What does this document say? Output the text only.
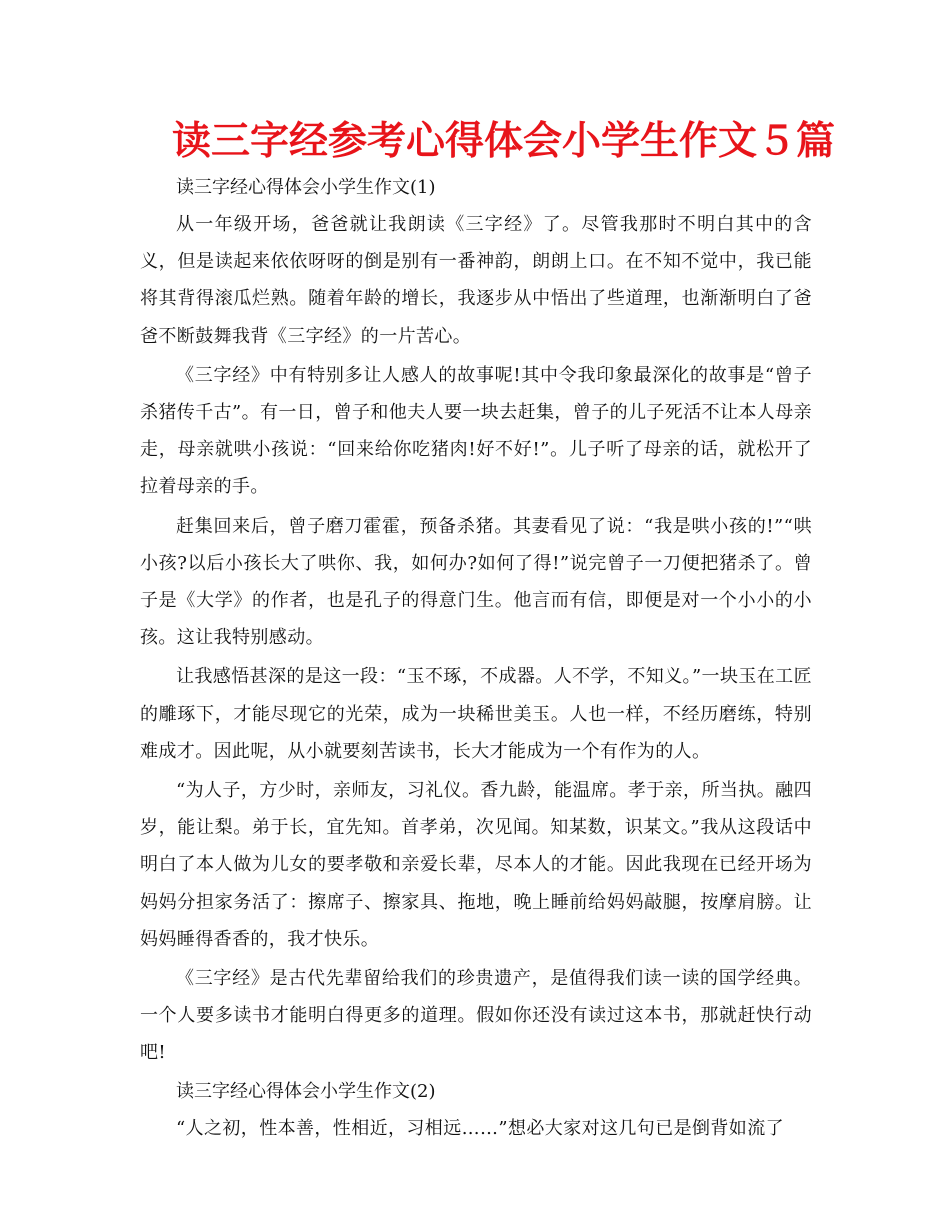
读三字经参考心得体会小学生作文５篇

读三字经心得体会小学生作文(1)

从一年级开场，爸爸就让我朗读《三字经》了。尽管我那时不明白其中的含义，但是读起来依依呀呀的倒是别有一番神韵，朗朗上口。在不知不觉中，我已能将其背得滚瓜烂熟。随着年龄的增长，我逐步从中悟出了些道理，也渐渐明白了爸爸不断鼓舞我背《三字经》的一片苦心。

《三字经》中有特别多让人感人的故事呢!其中令我印象最深化的故事是“曾子杀猪传千古”。有一日，曾子和他夫人要一块去赶集，曾子的儿子死活不让本人母亲走，母亲就哄小孩说：“回来给你吃猪肉!好不好!”。儿子听了母亲的话，就松开了拉着母亲的手。

赶集回来后，曾子磨刀霍霍，预备杀猪。其妻看见了说：“我是哄小孩的!”“哄小孩?以后小孩长大了哄你、我，如何办?如何了得!”说完曾子一刀便把猪杀了。曾子是《大学》的作者，也是孔子的得意门生。他言而有信，即便是对一个小小的小孩。这让我特别感动。

让我感悟甚深的是这一段：“玉不琢，不成器。人不学，不知义。”一块玉在工匠的雕琢下，才能尽现它的光荣，成为一块稀世美玉。人也一样，不经历磨练，特别难成才。因此呢，从小就要刻苦读书，长大才能成为一个有作为的人。

“为人子，方少时，亲师友，习礼仪。香九龄，能温席。孝于亲，所当执。融四岁，能让梨。弟于长，宜先知。首孝弟，次见闻。知某数，识某文。”我从这段话中明白了本人做为儿女的要孝敬和亲爱长辈，尽本人的才能。因此我现在已经开场为妈妈分担家务活了：擦席子、擦家具、拖地，晚上睡前给妈妈敲腿，按摩肩膀。让妈妈睡得香香的，我才快乐。

《三字经》是古代先辈留给我们的珍贵遗产，是值得我们读一读的国学经典。一个人要多读书才能明白得更多的道理。假如你还没有读过这本书，那就赶快行动吧!

读三字经心得体会小学生作文(2)

“人之初，性本善，性相近，习相远……”想必大家对这几句已是倒背如流了
